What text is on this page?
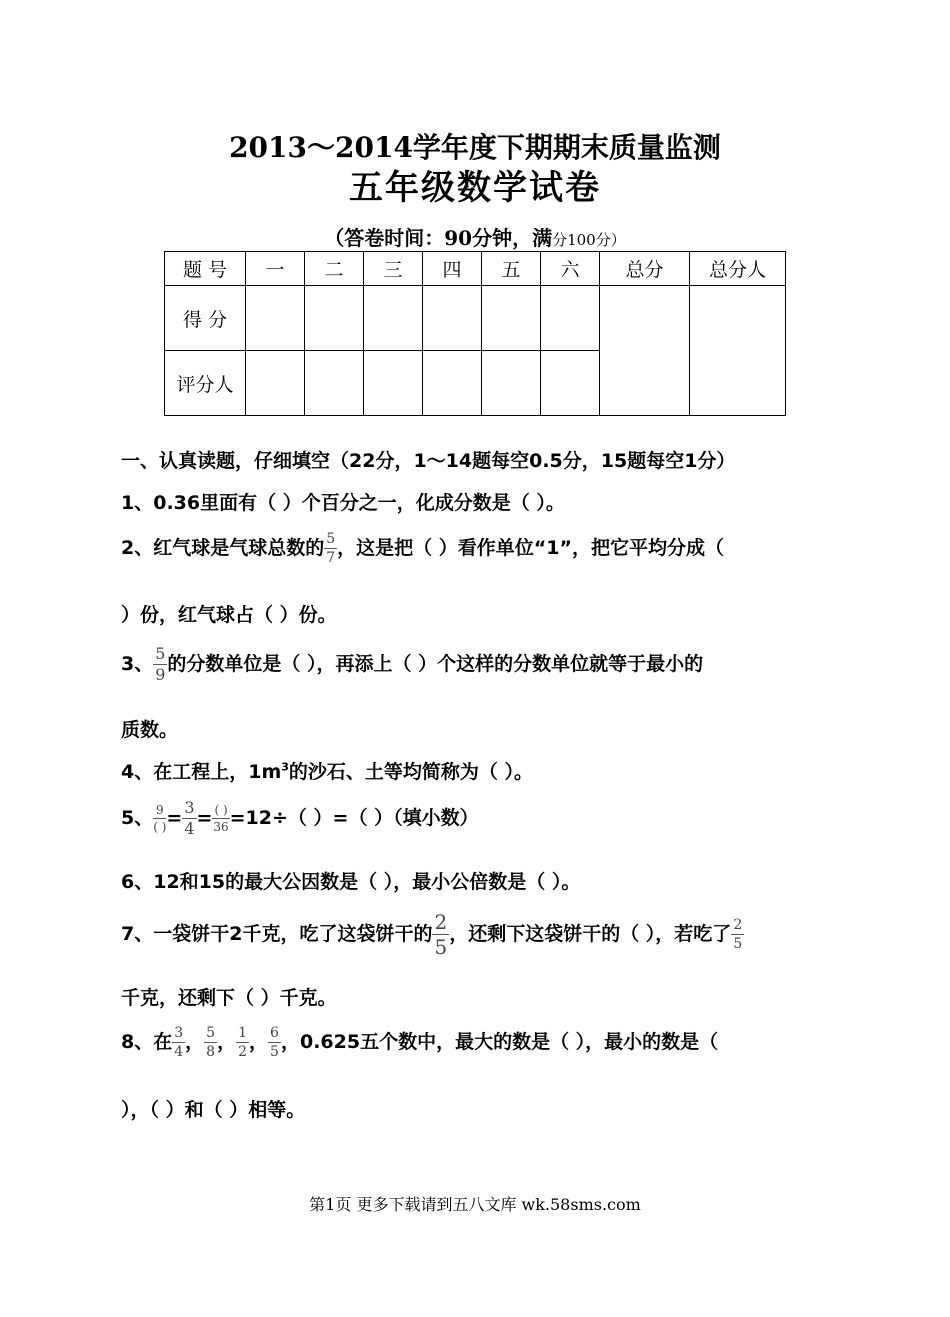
2013～2014学年度下期期末质量监测
五年级数学试卷
（答卷时间：90分钟，满分100分）
题 号	一	二	三	四	五	六	总分	总分人
得 分								
评分人								
一、认真读题，仔细填空（22分，1～14题每空0.5分，15题每空1分）
1、0.36里面有（ ）个百分之一，化成分数是（ ）。
2、红气球是气球总数的 $\frac{5}{7}$ ，这是把（ ）看作单位“1”，把它平均分成（
）份，红气球占（ ）份。
3、 $\frac{5}{9}$ 的分数单位是（ ），再添上（ ）个这样的分数单位就等于最小的
质数。
4、在工程上，$1m^3$的沙石、土等均简称为（ ）。
5、 $\frac{9}{( )} = \frac{3}{4} = \frac{( )}{36} =12\div$（ ）=（ ）（填小数）
6、12和15的最大公因数是（ ），最小公倍数是（ ）。
7、一袋饼干2千克，吃了这袋饼干的 $\frac{2}{5}$ ，还剩下这袋饼干的（ ），若吃了 $\frac{2}{5}$
千克，还剩下（ ）千克。
8、在 $\frac{3}{4}$ ， $\frac{5}{8}$ ， $\frac{1}{2}$ ， $\frac{6}{5}$ ，0.625五个数中，最大的数是（ ），最小的数是（
），（ ）和（ ）相等。
第1页 更多下载请到五八文库 wk.58sms.com
